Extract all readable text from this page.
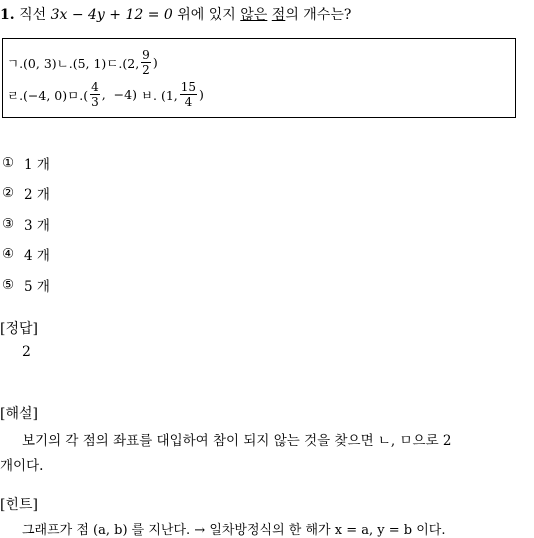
1. 직선 3x − 4y + 12 = 0 위에 있지 않은 점의 개수는?
ㄱ.(0, 3) ㄴ.(5, 1) ㄷ.(2, $\frac{9}{2}$ )
ㄹ.(−4, 0) ㅁ.( $\frac{4}{3}$ ,  −4) ㅂ. (1, $\frac{15}{4}$ )
① 1 개
② 2 개
③ 3 개
④ 4 개
⑤ 5 개
[정답]
2
[해설]
보기의 각 점의 좌표를 대입하여 참이 되지 않는 것을 찾으면 ㄴ, ㅁ으로 2
개이다.
[힌트]
그래프가 점 (a, b) 를 지난다. → 일차방정식의 한 해가 x = a, y = b 이다.
